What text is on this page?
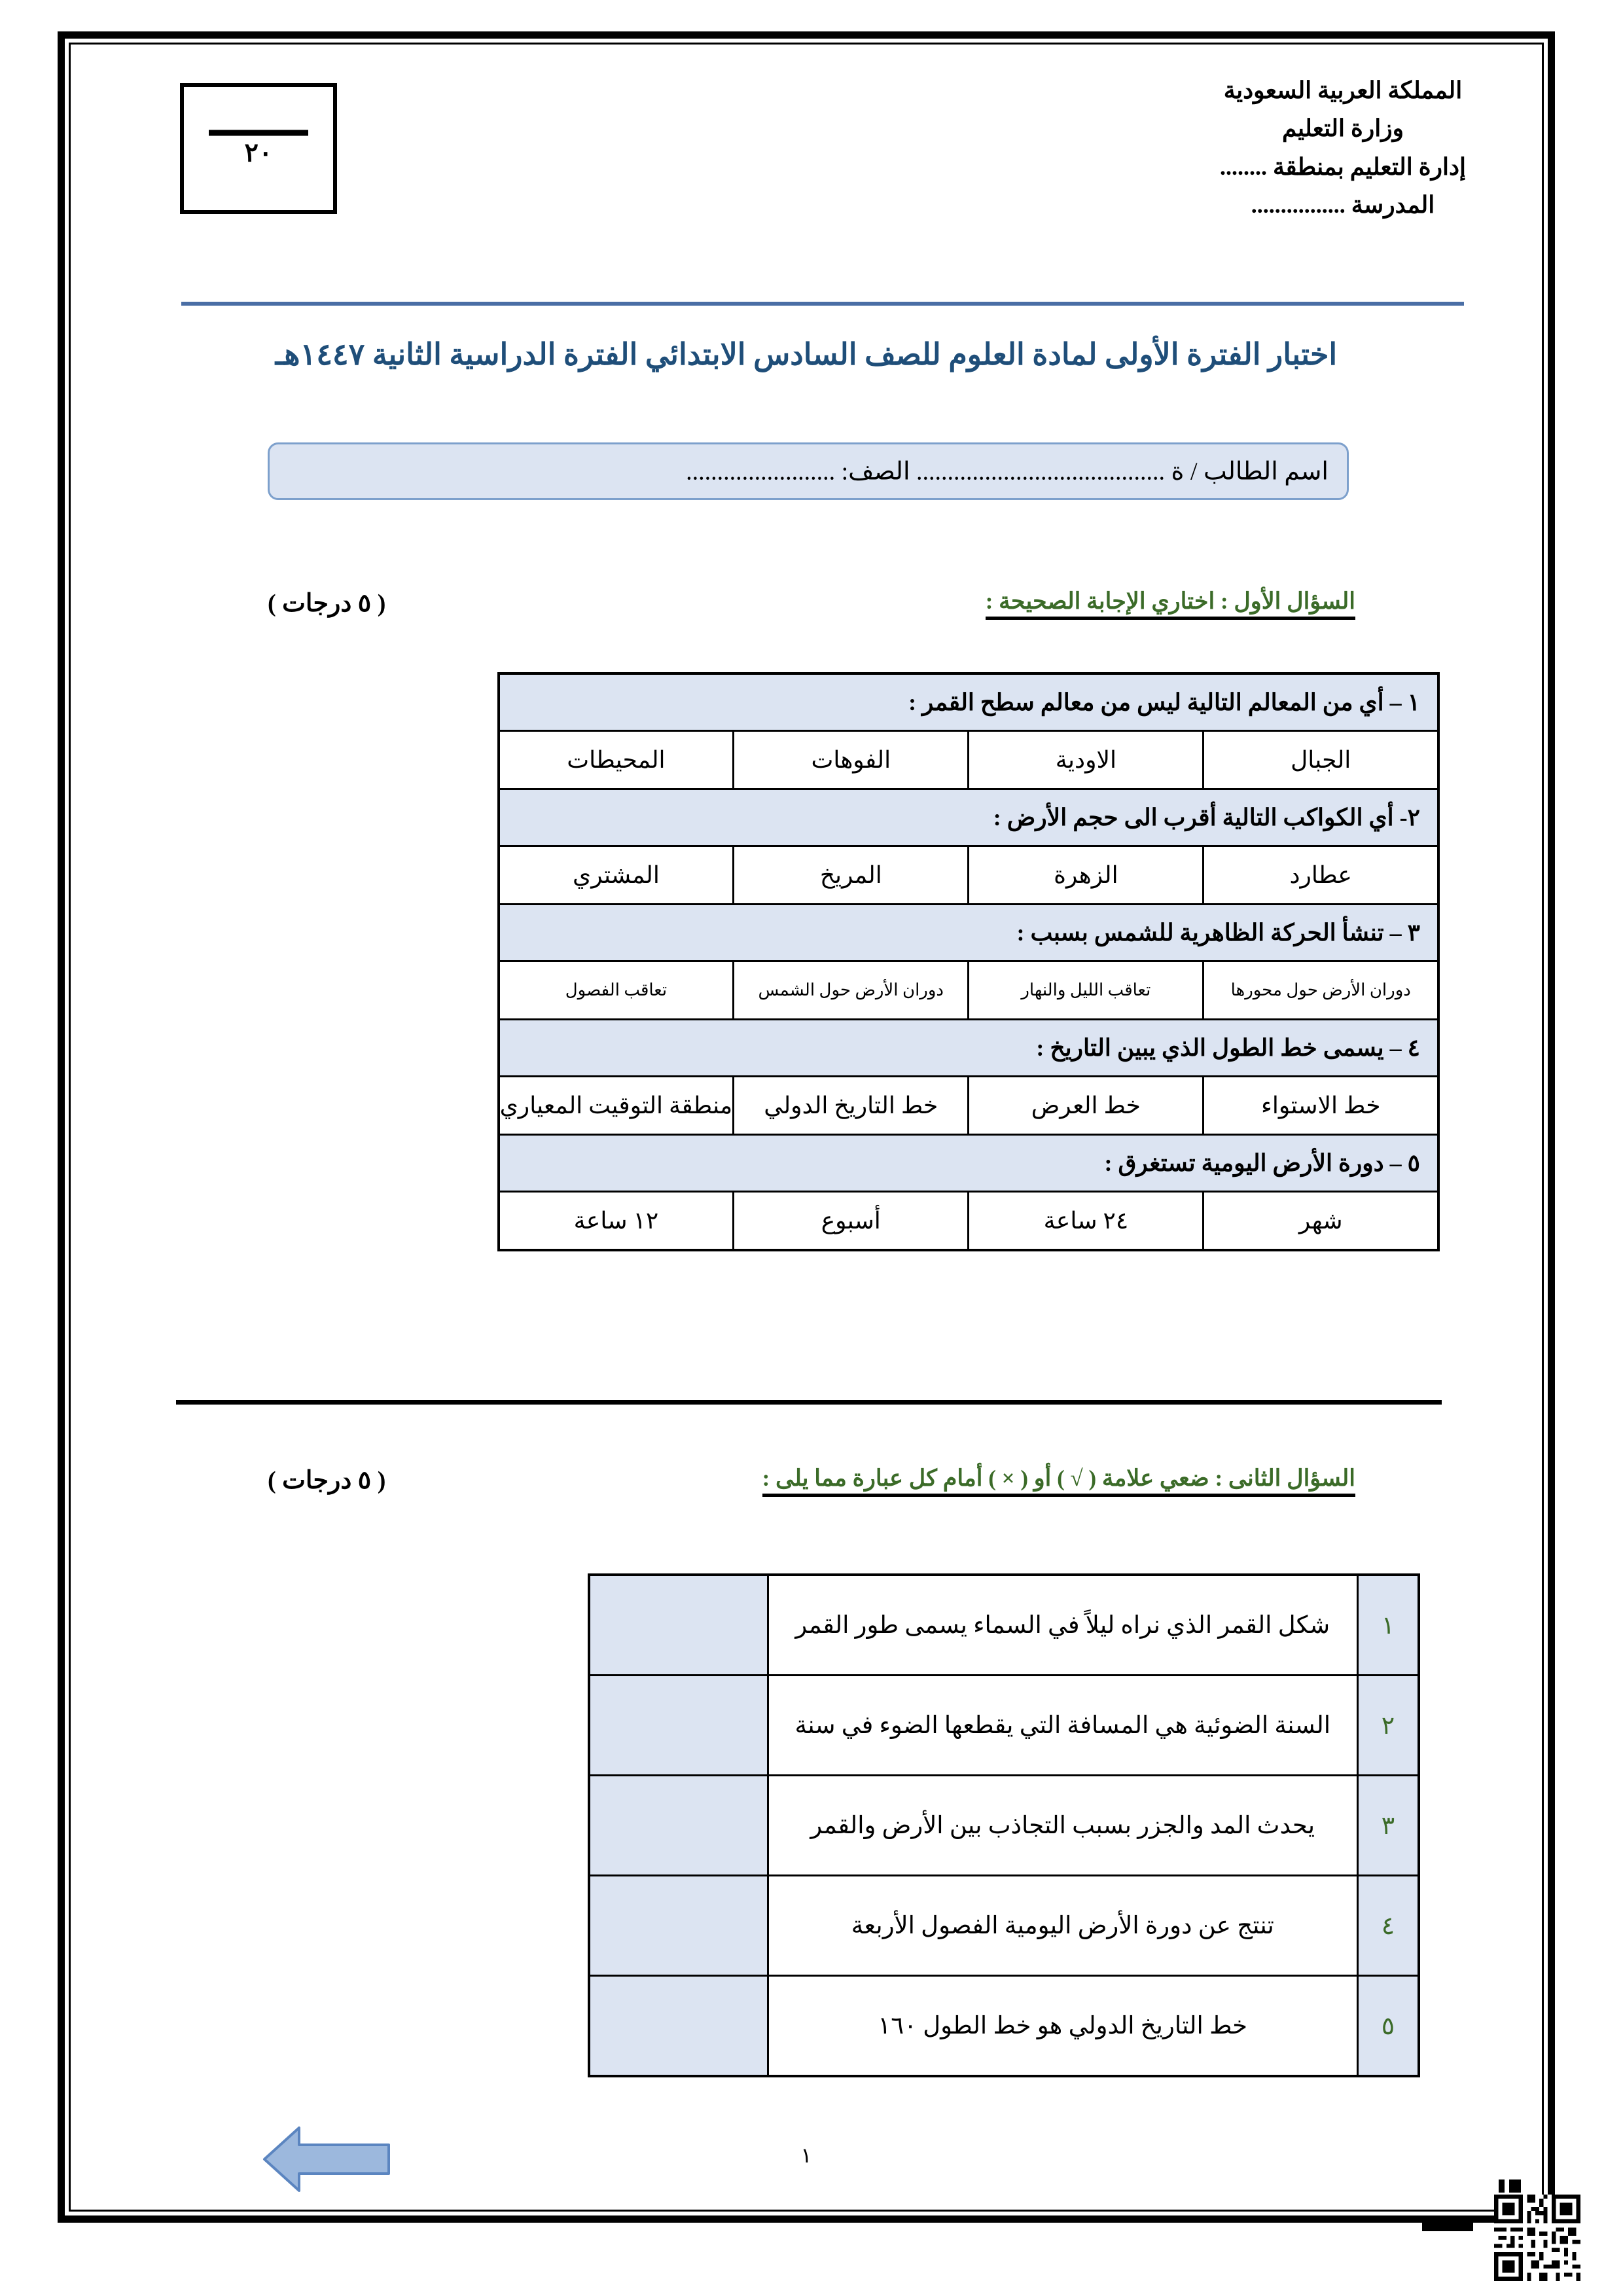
المملكة العربية السعودية
وزارة التعليم
إدارة التعليم بمنطقة ........
المدرسة ................
٢٠
اختبار الفترة الأولى لمادة العلوم للصف السادس الابتدائي الفترة الدراسية الثانية ١٤٤٧هـ
اسم الطالب / ة ........................................ الصف: ........................
السؤال الأول : اختاري الإجابة الصحيحة :
( ٥ درجات )
١ – أي من المعالم التالية ليس من معالم سطح القمر :			
الجبال	الاودية	الفوهات	المحيطات
٢- أي الكواكب التالية أقرب الى حجم الأرض :			
عطارد	الزهرة	المريخ	المشتري
٣ – تنشأ الحركة الظاهرية للشمس بسبب :			
دوران الأرض حول محورها	تعاقب الليل والنهار	دوران الأرض حول الشمس	تعاقب الفصول
٤ – يسمى خط الطول الذي يبين التاريخ :			
خط الاستواء	خط العرض	خط التاريخ الدولي	منطقة التوقيت المعياري
٥ – دورة الأرض اليومية تستغرق :			
شهر	٢٤ ساعة	أسبوع	١٢ ساعة
السؤال الثانى : ضعي علامة ( √ ) أو ( × ) أمام كل عبارة مما يلى :
( ٥ درجات )
١	شكل القمر الذي نراه ليلاً في السماء يسمى طور القمر	
٢	السنة الضوئية هي المسافة التي يقطعها الضوء في سنة	
٣	يحدث المد والجزر بسبب التجاذب بين الأرض والقمر	
٤	تنتج عن دورة الأرض اليومية الفصول الأربعة	
٥	خط التاريخ الدولي هو خط الطول ١٦٠	
١
